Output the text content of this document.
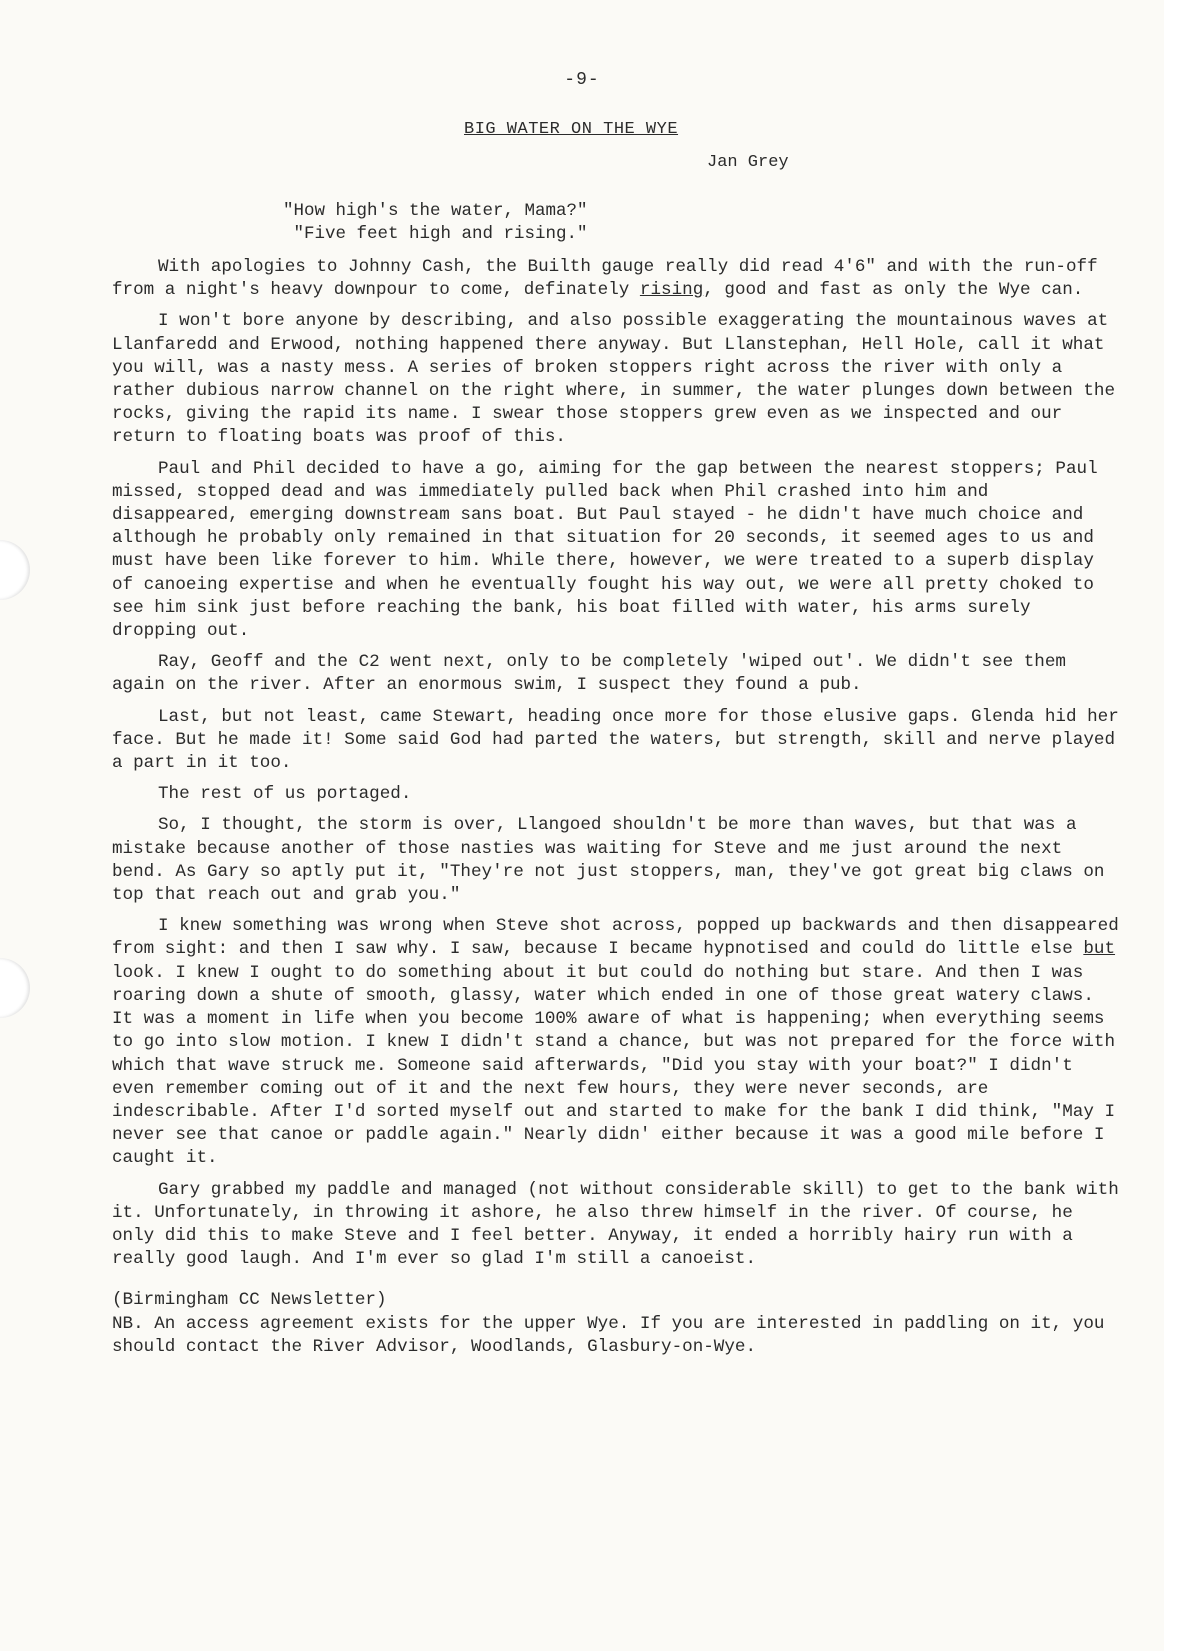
-9-
BIG WATER ON THE WYE
Jan Grey
"How high's the water, Mama?"
"Five feet high and rising."

With apologies to Johnny Cash, the Builth gauge really did read 4'6" and with the run-off from a night's heavy downpour to come, definately rising, good and fast as only the Wye can.

I won't bore anyone by describing, and also possible exaggerating the mountainous waves at Llanfaredd and Erwood, nothing happened there anyway. But Llanstephan, Hell Hole, call it what you will, was a nasty mess. A series of broken stoppers right across the river with only a rather dubious narrow channel on the right where, in summer, the water plunges down between the rocks, giving the rapid its name. I swear those stoppers grew even as we inspected and our return to floating boats was proof of this.

Paul and Phil decided to have a go, aiming for the gap between the nearest stoppers; Paul missed, stopped dead and was immediately pulled back when Phil crashed into him and disappeared, emerging downstream sans boat. But Paul stayed - he didn't have much choice and although he probably only remained in that situation for 20 seconds, it seemed ages to us and must have been like forever to him. While there, however, we were treated to a superb display of canoeing expertise and when he eventually fought his way out, we were all pretty choked to see him sink just before reaching the bank, his boat filled with water, his arms surely dropping out.

Ray, Geoff and the C2 went next, only to be completely 'wiped out'. We didn't see them again on the river. After an enormous swim, I suspect they found a pub.

Last, but not least, came Stewart, heading once more for those elusive gaps. Glenda hid her face. But he made it! Some said God had parted the waters, but strength, skill and nerve played a part in it too.

The rest of us portaged.

So, I thought, the storm is over, Llangoed shouldn't be more than waves, but that was a mistake because another of those nasties was waiting for Steve and me just around the next bend. As Gary so aptly put it, "They're not just stoppers, man, they've got great big claws on top that reach out and grab you."

I knew something was wrong when Steve shot across, popped up backwards and then disappeared from sight: and then I saw why. I saw, because I became hypnotised and could do little else but look. I knew I ought to do something about it but could do nothing but stare. And then I was roaring down a shute of smooth, glassy, water which ended in one of those great watery claws. It was a moment in life when you become 100% aware of what is happening; when everything seems to go into slow motion. I knew I didn't stand a chance, but was not prepared for the force with which that wave struck me. Someone said afterwards, "Did you stay with your boat?" I didn't even remember coming out of it and the next few hours, they were never seconds, are indescribable. After I'd sorted myself out and started to make for the bank I did think, "May I never see that canoe or paddle again." Nearly didn' either because it was a good mile before I caught it.

Gary grabbed my paddle and managed (not without considerable skill) to get to the bank with it. Unfortunately, in throwing it ashore, he also threw himself in the river. Of course, he only did this to make Steve and I feel better. Anyway, it ended a horribly hairy run with a really good laugh. And I'm ever so glad I'm still a canoeist.

(Birmingham CC Newsletter)

NB. An access agreement exists for the upper Wye. If you are interested in paddling on it, you should contact the River Advisor, Woodlands, Glasbury-on-Wye.
